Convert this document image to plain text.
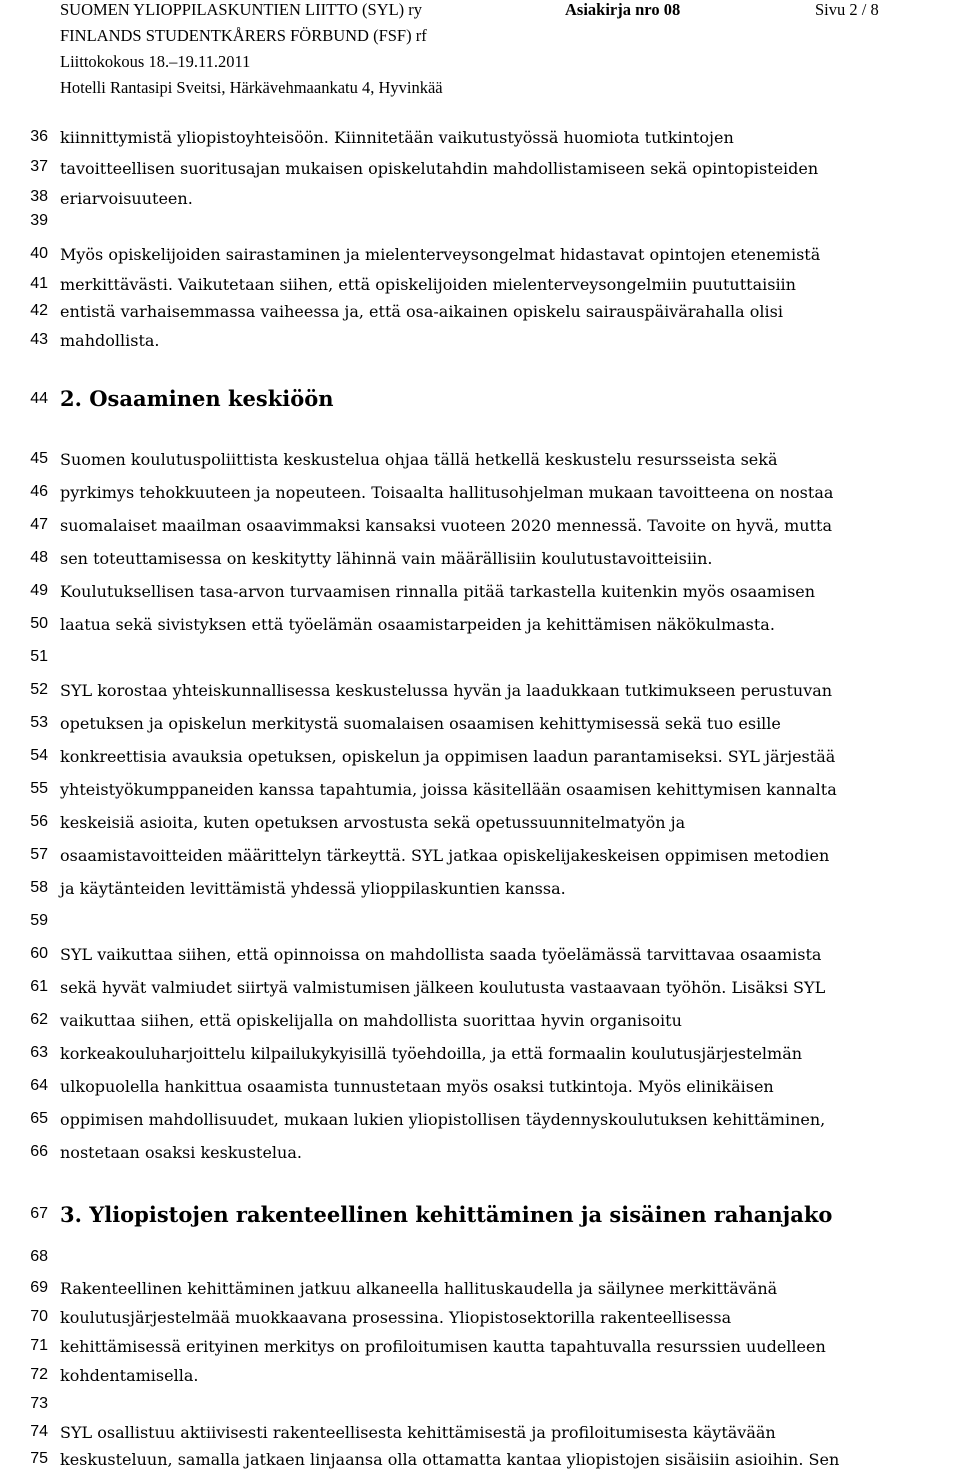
SUOMEN YLIOPPILASKUNTIEN LIITTO (SYL) ry	Asiakirja nro 08	Sivu 2 / 8
FINLANDS STUDENTKÅRERS FÖRBUND (FSF) rf
Liittokokous 18.–19.11.2011
Hotelli Rantasipi Sveitsi, Härkävehmaankatu 4, Hyvinkää
36
37
38
39
40
41
42
43
44
45
46
47
48
49
50
51
52
53
54
55
56
57
58
59
60
61
62
63
64
65
66
67
68
69
70
71
72
73
74
75
kiinnittymistä yliopistoyhteisöön. Kiinnitetään vaikutustyössä huomiota tutkintojen
tavoitteellisen suoritusajan mukaisen opiskelutahdin mahdollistamiseen sekä opintopisteiden
eriarvoisuuteen.
Myös opiskelijoiden sairastaminen ja mielenterveysongelmat hidastavat opintojen etenemistä
merkittävästi. Vaikutetaan siihen, että opiskelijoiden mielenterveysongelmiin puututtaisiin
entistä varhaisemmassa vaiheessa ja, että osa-aikainen opiskelu sairauspäivärahalla olisi
mahdollista.
2. Osaaminen keskiöön
Suomen koulutuspoliittista keskustelua ohjaa tällä hetkellä keskustelu resursseista sekä
pyrkimys tehokkuuteen ja nopeuteen. Toisaalta hallitusohjelman mukaan tavoitteena on nostaa
suomalaiset maailman osaavimmaksi kansaksi vuoteen 2020 mennessä. Tavoite on hyvä, mutta
sen toteuttamisessa on keskitytty lähinnä vain määrällisiin koulutustavoitteisiin.
Koulutuksellisen tasa-arvon turvaamisen rinnalla pitää tarkastella kuitenkin myös osaamisen
laatua sekä sivistyksen että työelämän osaamistarpeiden ja kehittämisen näkökulmasta.
SYL korostaa yhteiskunnallisessa keskustelussa hyvän ja laadukkaan tutkimukseen perustuvan
opetuksen ja opiskelun merkitystä suomalaisen osaamisen kehittymisessä sekä tuo esille
konkreettisia avauksia opetuksen, opiskelun ja oppimisen laadun parantamiseksi. SYL järjestää
yhteistyökumppaneiden kanssa tapahtumia, joissa käsitellään osaamisen kehittymisen kannalta
keskeisiä asioita, kuten opetuksen arvostusta sekä opetussuunnitelmatyön ja
osaamistavoitteiden määrittelyn tärkeyttä. SYL jatkaa opiskelijakeskeisen oppimisen metodien
ja käytänteiden levittämistä yhdessä ylioppilaskuntien kanssa.
SYL vaikuttaa siihen, että opinnoissa on mahdollista saada työelämässä tarvittavaa osaamista
sekä hyvät valmiudet siirtyä valmistumisen jälkeen koulutusta vastaavaan työhön. Lisäksi SYL
vaikuttaa siihen, että opiskelijalla on mahdollista suorittaa hyvin organisoitu
korkeakouluharjoittelu kilpailukykyisillä työehdoilla, ja että formaalin koulutusjärjestelmän
ulkopuolella hankittua osaamista tunnustetaan myös osaksi tutkintoja. Myös elinikäisen
oppimisen mahdollisuudet, mukaan lukien yliopistollisen täydennyskoulutuksen kehittäminen,
nostetaan osaksi keskustelua.
3. Yliopistojen rakenteellinen kehittäminen ja sisäinen rahanjako
Rakenteellinen kehittäminen jatkuu alkaneella hallituskaudella ja säilynee merkittävänä
koulutusjärjestelmää muokkaavana prosessina. Yliopistosektorilla rakenteellisessa
kehittämisessä erityinen merkitys on profiloitumisen kautta tapahtuvalla resurssien uudelleen
kohdentamisella.
SYL osallistuu aktiivisesti rakenteellisesta kehittämisestä ja profiloitumisesta käytävään
keskusteluun, samalla jatkaen linjaansa olla ottamatta kantaa yliopistojen sisäisiin asioihin. Sen
